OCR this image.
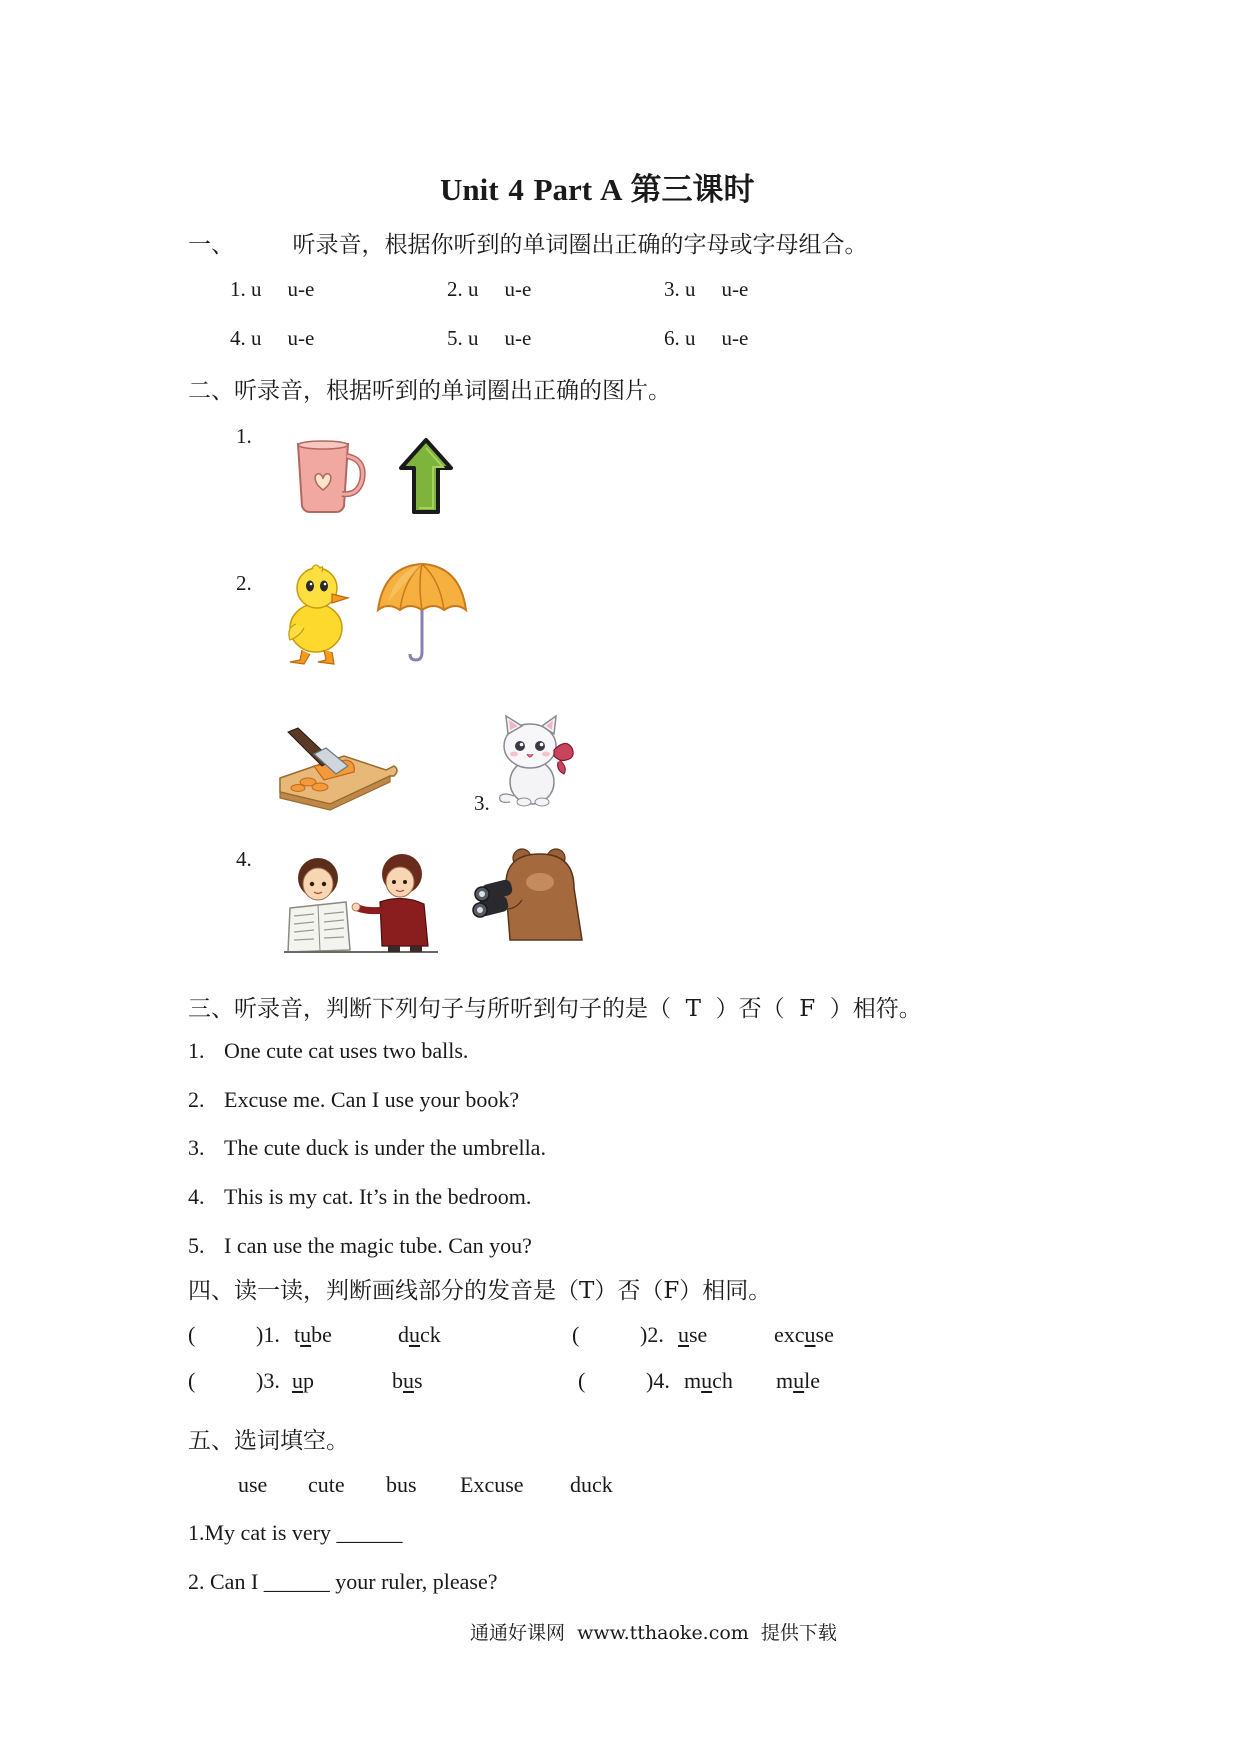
Unit 4 Part A 第三课时
一、        听录音，根据你听到的单词圈出正确的字母或字母组合。
1. u u-e	2. u u-e	3. u u-e
4. u u-e	5. u u-e	6. u u-e
二、听录音，根据听到的单词圈出正确的图片。
1.
2.
3.
4.
三、听录音，判断下列句子与所听到句子的是（  T  ）否（  F  ）相符。
1. One cute cat uses two balls.
2. Excuse me. Can I use your book?
3. The cute duck is under the umbrella.
4. This is my cat. It’s in the bedroom.
5. I can use the magic tube. Can you?
四、读一读，判断画线部分的发音是（T）否（F）相同。
(	)1. tube	duck	(	)2. use	excuse
(	)3. up	bus	(	)4. much mule
五、选词填空。
use cute bus Excuse duck
1.My cat is very ______
2. Can I ______ your ruler, please?
通通好课网  www.tthaoke.com  提供下载
